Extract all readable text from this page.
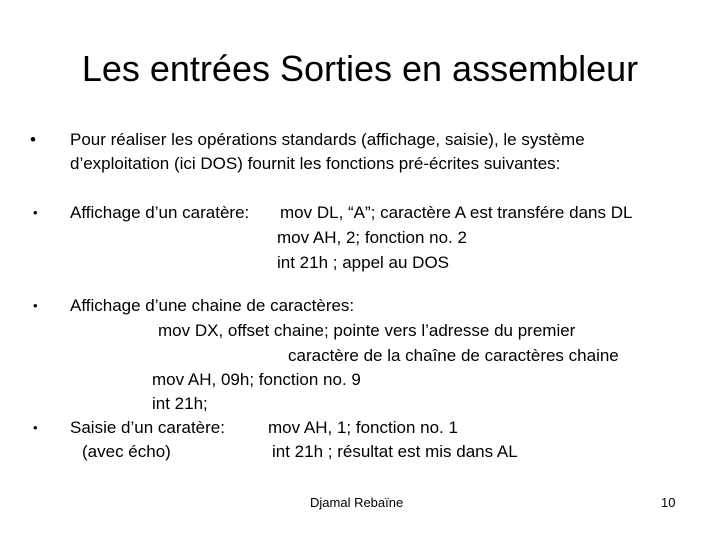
Les entrées Sorties en assembleur
• Pour réaliser les opérations standards (affichage, saisie), le système
d’exploitation (ici DOS) fournit les fonctions pré-écrites suivantes:
• Affichage d’un caratère: mov DL, “A”; caractère A est transfére dans DL
mov AH, 2; fonction no. 2
int 21h ; appel au DOS
• Affichage d’une chaine de caractères:
mov DX, offset chaine; pointe vers l’adresse du premier
caractère de la chaîne de caractères chaine
mov AH, 09h; fonction no. 9
int 21h;
• Saisie d’un caratère:	mov AH, 1; fonction no. 1
(avec écho)	int 21h ; résultat est mis dans AL
Djamal Rebaïne	10
